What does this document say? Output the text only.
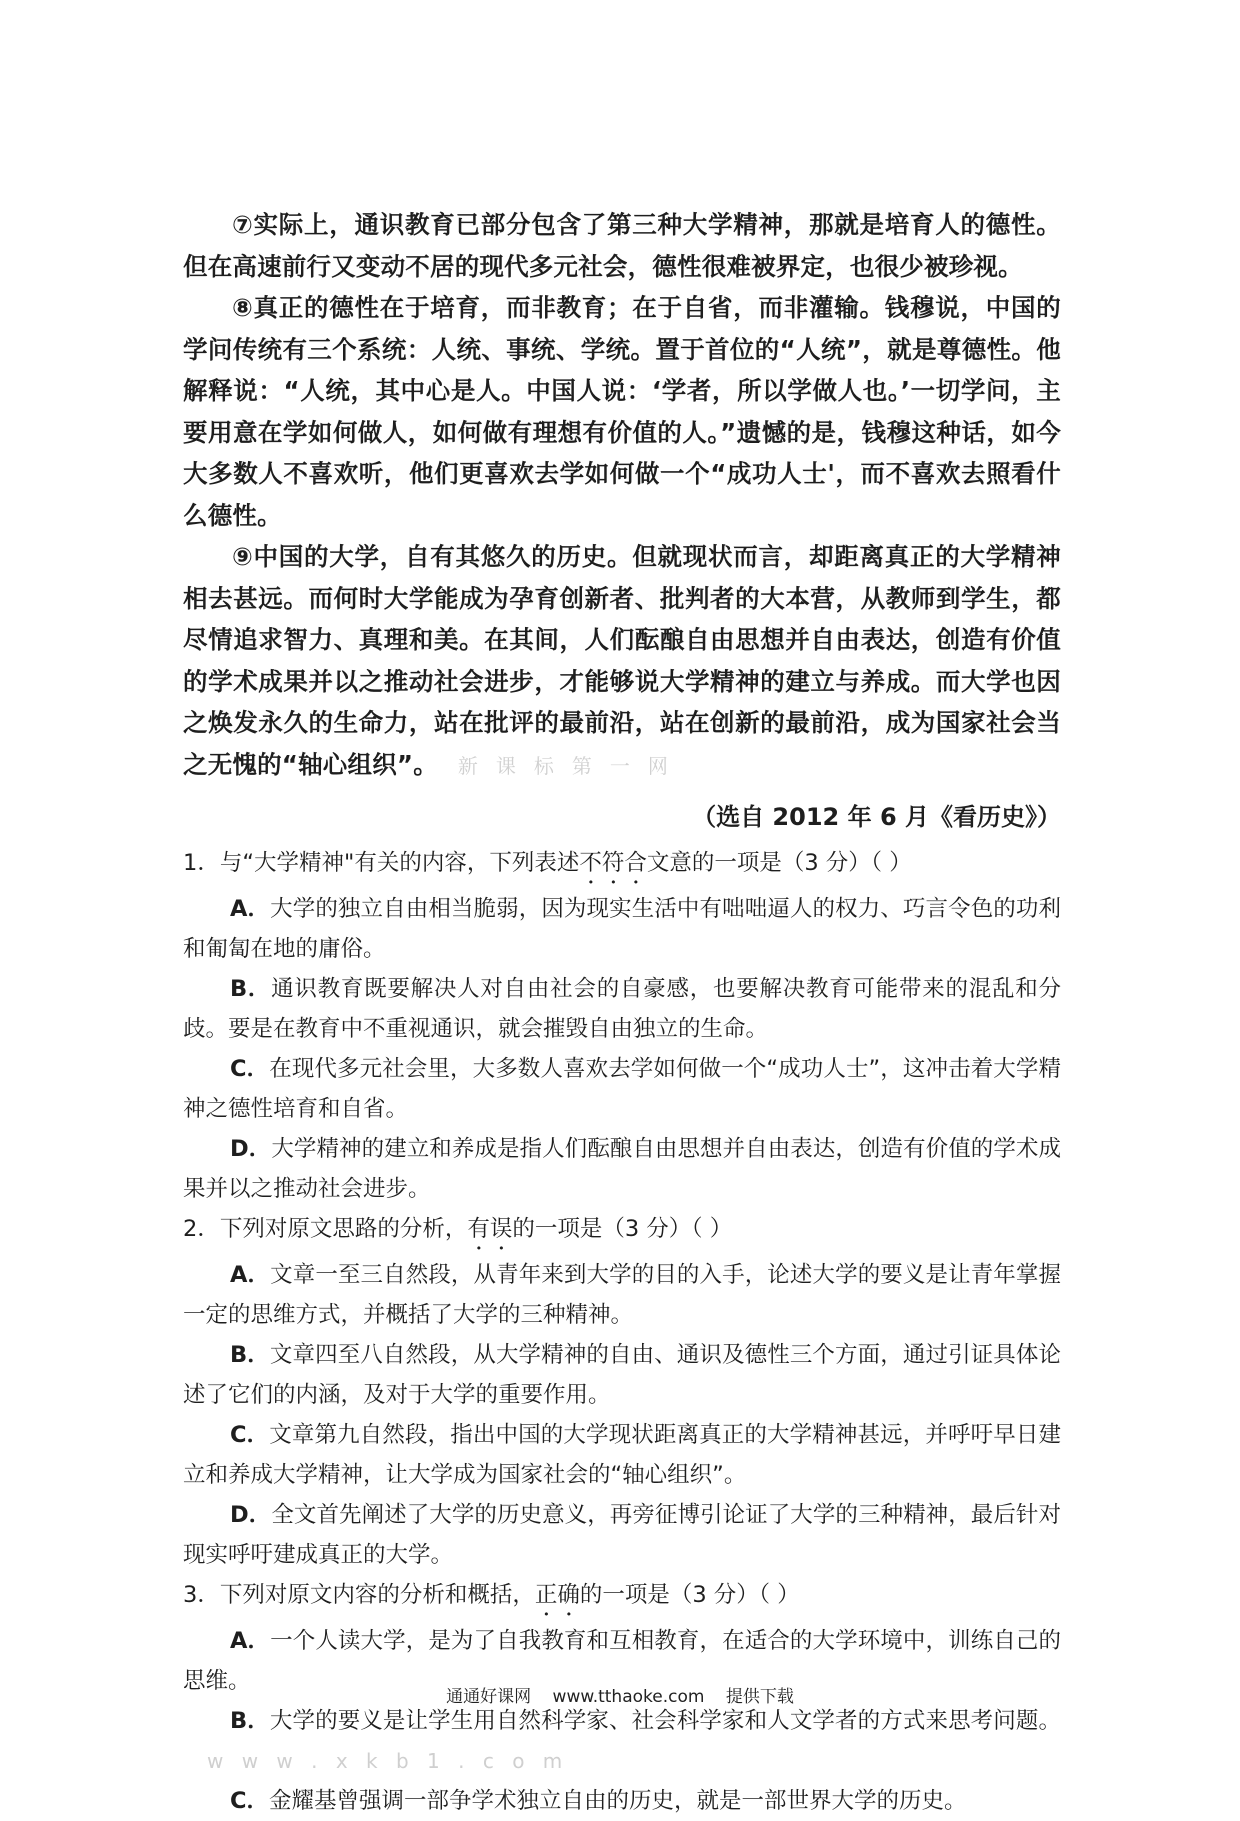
⑦实际上，通识教育已部分包含了第三种大学精神，那就是培育人的德性。但在高速前行又变动不居的现代多元社会，德性很难被界定，也很少被珍视。

⑧真正的德性在于培育，而非教育；在于自省，而非灌输。钱穆说，中国的学问传统有三个系统：人统、事统、学统。置于首位的“人统”，就是尊德性。他解释说：“人统，其中心是人。中国人说：‘学者，所以学做人也。’一切学问，主要用意在学如何做人，如何做有理想有价值的人。”遗憾的是，钱穆这种话，如今大多数人不喜欢听，他们更喜欢去学如何做一个“成功人士'，而不喜欢去照看什么德性。

⑨中国的大学，自有其悠久的历史。但就现状而言，却距离真正的大学精神相去甚远。而何时大学能成为孕育创新者、批判者的大本营，从教师到学生，都尽情追求智力、真理和美。在其间，人们酝酿自由思想并自由表达，创造有价值的学术成果并以之推动社会进步，才能够说大学精神的建立与养成。而大学也因之焕发永久的生命力，站在批评的最前沿，站在创新的最前沿，成为国家社会当之无愧的“轴心组织”。 新课标第一网

（选自 2012 年 6 月《看历史》）

1．与“大学精神"有关的内容，下列表述不符合文意的一项是（3 分）（ ）

A．大学的独立自由相当脆弱，因为现实生活中有咄咄逼人的权力、巧言令色的功利和匍匐在地的庸俗。

B．通识教育既要解决人对自由社会的自豪感，也要解决教育可能带来的混乱和分歧。要是在教育中不重视通识，就会摧毁自由独立的生命。

C．在现代多元社会里，大多数人喜欢去学如何做一个“成功人士”，这冲击着大学精神之德性培育和自省。

D．大学精神的建立和养成是指人们酝酿自由思想并自由表达，创造有价值的学术成果并以之推动社会进步。

2．下列对原文思路的分析，有误的一项是（3 分）（ ）

A．文章一至三自然段，从青年来到大学的目的入手，论述大学的要义是让青年掌握一定的思维方式，并概括了大学的三种精神。

B．文章四至八自然段，从大学精神的自由、通识及德性三个方面，通过引证具体论述了它们的内涵，及对于大学的重要作用。

C．文章第九自然段，指出中国的大学现状距离真正的大学精神甚远，并呼吁早日建立和养成大学精神，让大学成为国家社会的“轴心组织”。

D．全文首先阐述了大学的历史意义，再旁征博引论证了大学的三种精神，最后针对现实呼吁建成真正的大学。

3．下列对原文内容的分析和概括，正确的一项是（3 分）（ ）

A．一个人读大学，是为了自我教育和互相教育，在适合的大学环境中，训练自己的思维。

B．大学的要义是让学生用自然科学家、社会科学家和人文学者的方式来思考问题。w w w . x k b 1 . c o m

C．金耀基曾强调一部争学术独立自由的历史，就是一部世界大学的历史。

通通好课网 www.tthaoke.com 提供下载
